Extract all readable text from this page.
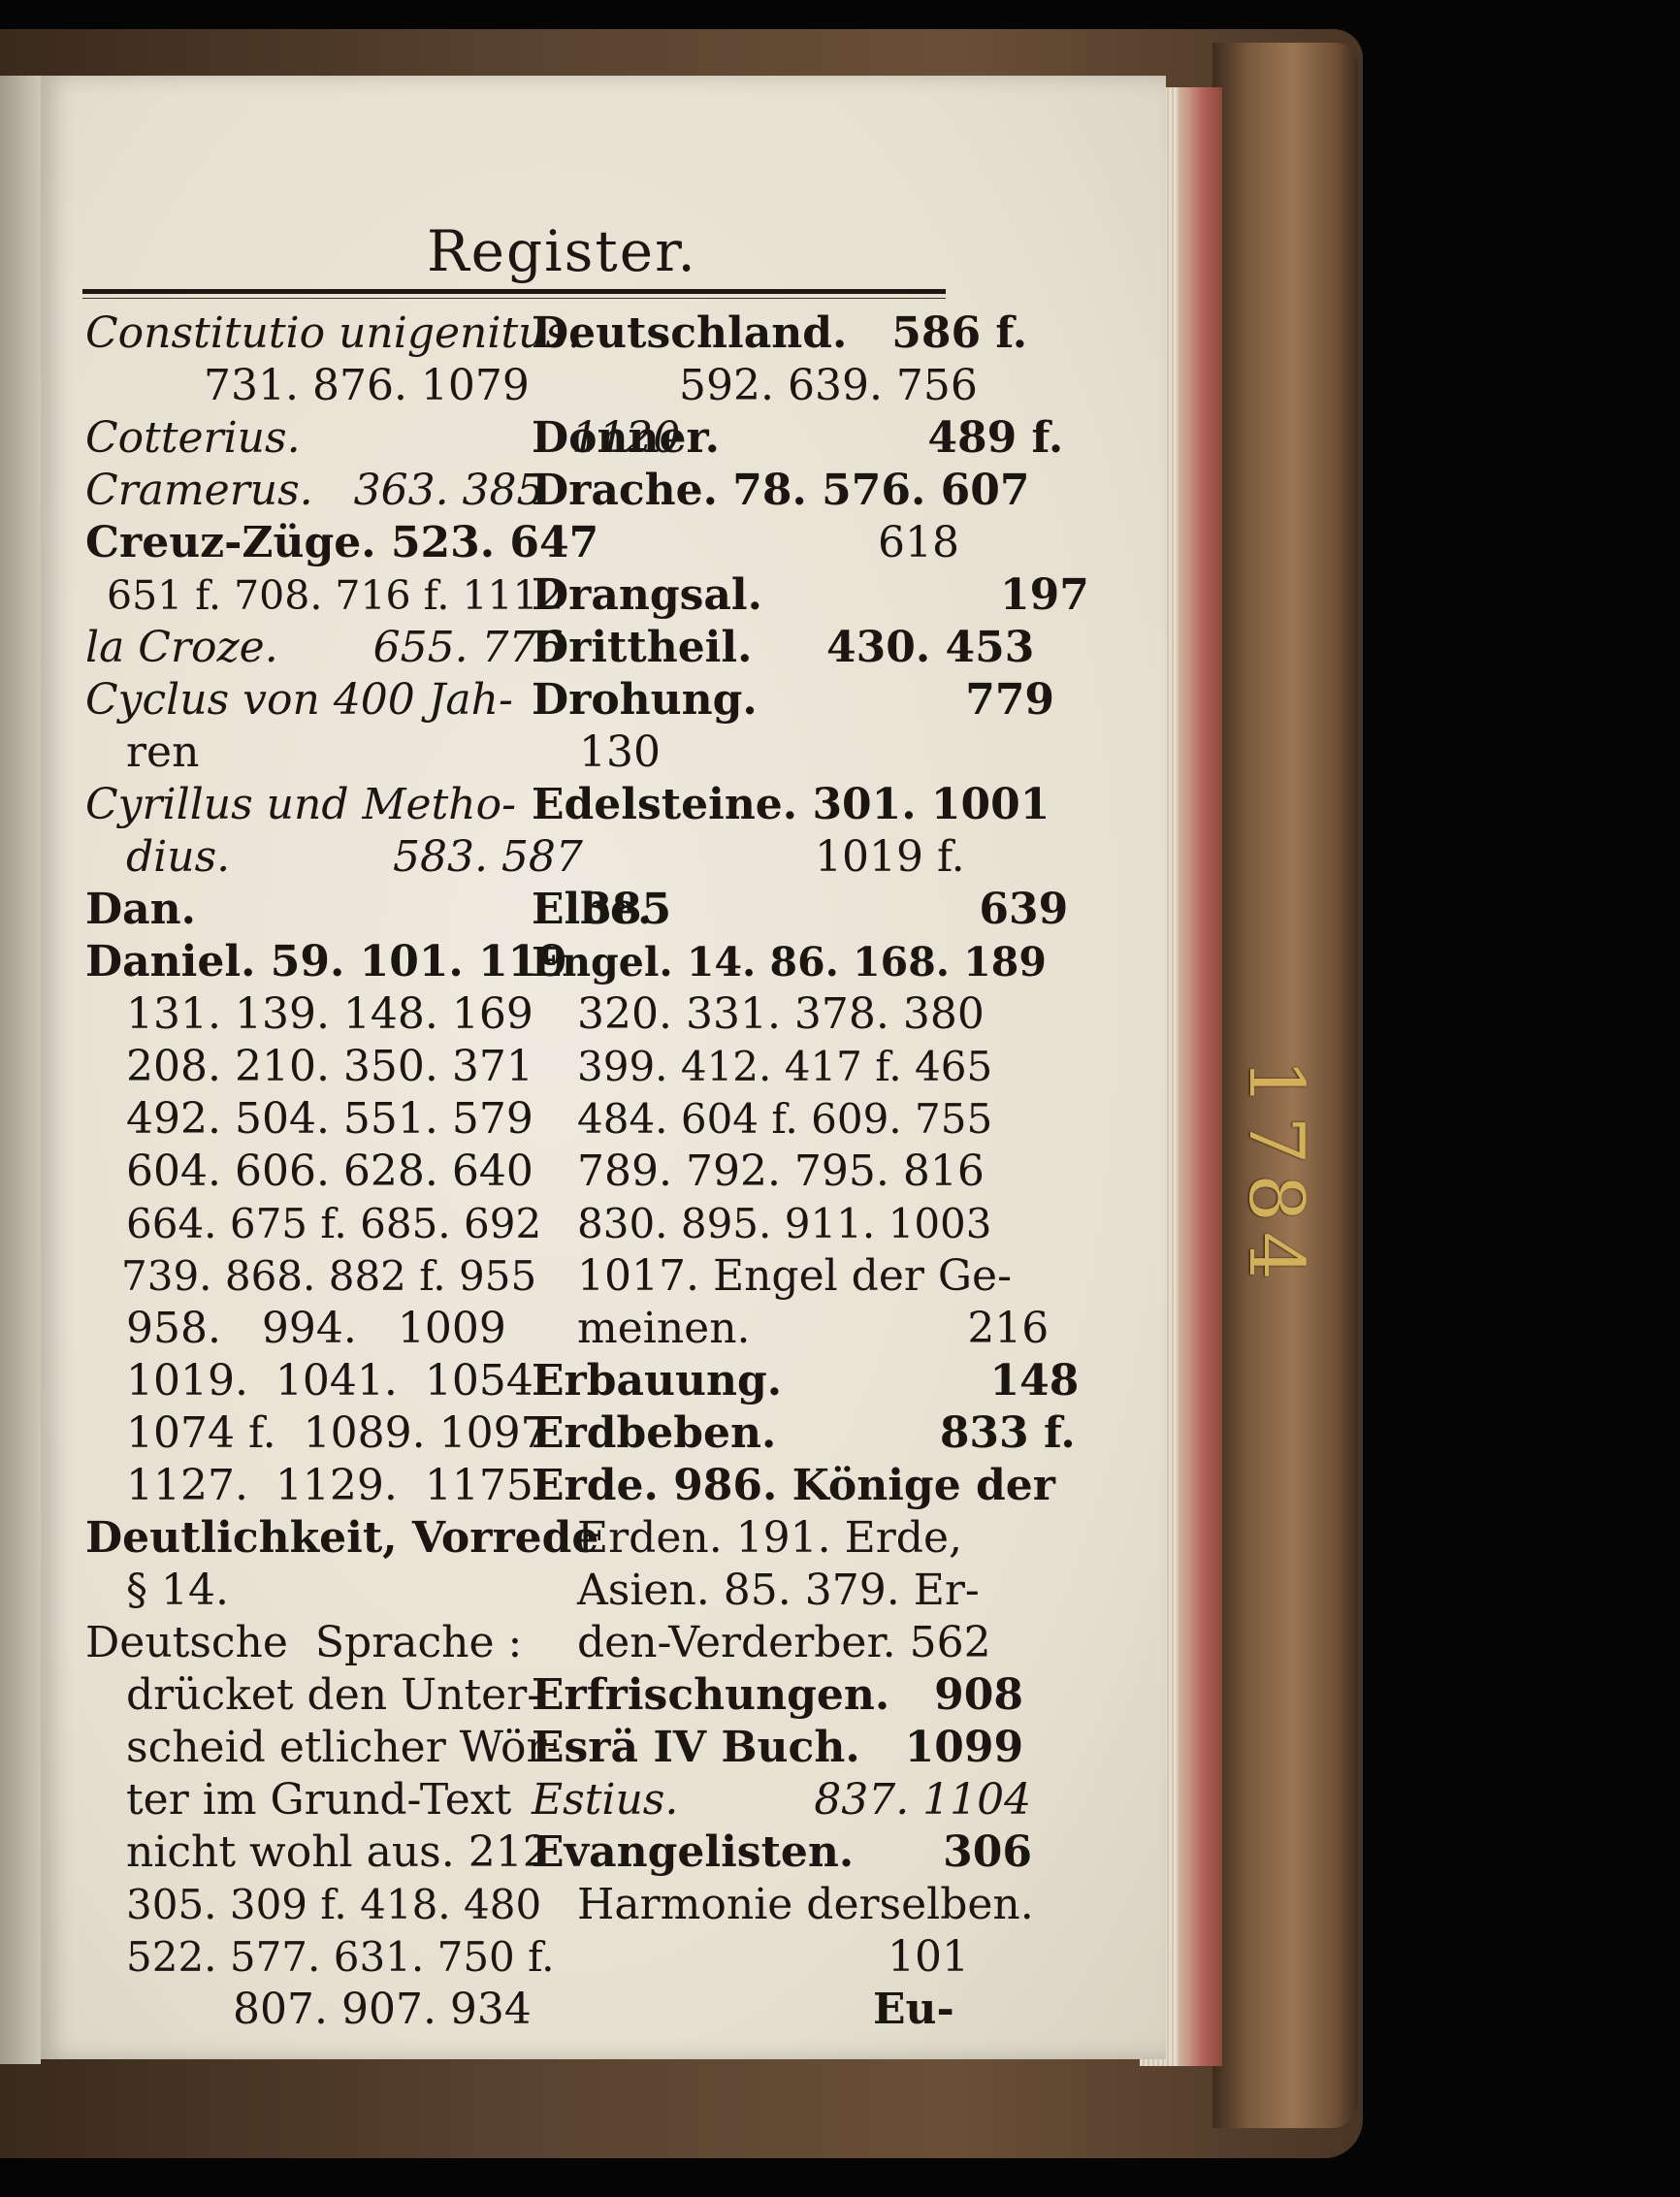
1784
Register.
Constitutio unigenitus.
731. 876. 1079
Cotterius.                    1120
Cramerus.   363. 385
Creuz-Züge. 523. 647
651 f. 708. 716 f. 1112
la Croze.       655. 776
Cyclus von 400 Jah-
ren                            130
Cyrillus und Metho-
dius.            583. 587
Dan.                          385
Daniel. 59. 101. 119
131. 139. 148. 169
208. 210. 350. 371
492. 504. 551. 579
604. 606. 628. 640
664. 675 f. 685. 692
739. 868. 882 f. 955
958.   994.   1009
1019.  1041.  1054
1074 f.  1089. 1097
1127.  1129.  1175
Deutlichkeit, Vorrede
§ 14.
Deutsche  Sprache :
drücket den Unter-
scheid etlicher Wör-
ter im Grund-Text
nicht wohl aus. 212
305. 309 f. 418. 480
522. 577. 631. 750 f.
807. 907. 934
Deutschland.   586 f.
592. 639. 756
Donner.              489 f.
Drache. 78. 576. 607
618
Drangsal.                197
Drittheil.     430. 453
Drohung.              779
Edelsteine. 301. 1001
1019 f.
Elbe.                      639
Engel. 14. 86. 168. 189
320. 331. 378. 380
399. 412. 417 f. 465
484. 604 f. 609. 755
789. 792. 795. 816
830. 895. 911. 1003
1017. Engel der Ge-
meinen.                216
Erbauung.              148
Erdbeben.           833 f.
Erde. 986. Könige der
Erden. 191. Erde,
Asien. 85. 379. Er-
den-Verderber. 562
Erfrischungen.   908
Esrä IV Buch.   1099
Estius.          837. 1104
Evangelisten.      306
Harmonie derselben.
101
Eu-
